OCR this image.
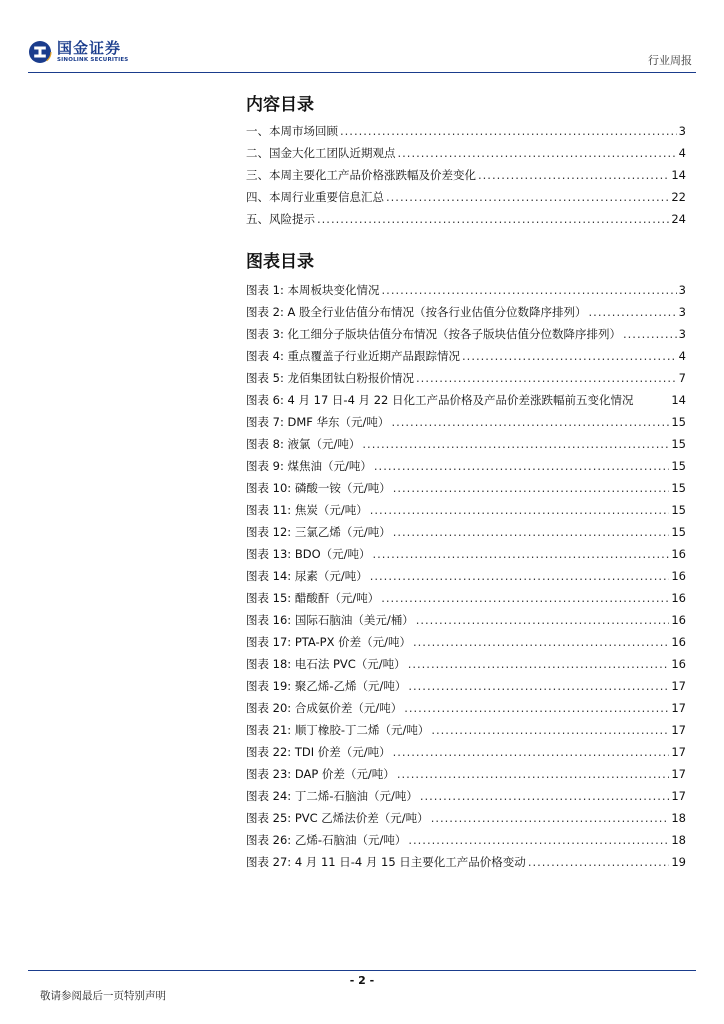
国金证券
SINOLINK SECURITIES	行业周报
内容目录
一、本周市场回顾 .....	3
二、国金大化工团队近期观点 .....	4
三、本周主要化工产品价格涨跌幅及价差变化 .....	14
四、本周行业重要信息汇总 .....	22
五、风险提示 .....	24
图表目录
图表 1: 本周板块变化情况 .....	3
图表 2: A 股全行业估值分布情况（按各行业估值分位数降序排列） .....	3
图表 3: 化工细分子版块估值分布情况（按各子版块估值分位数降序排列） .....	3
图表 4: 重点覆盖子行业近期产品跟踪情况 .....	4
图表 5: 龙佰集团钛白粉报价情况 .....	7
图表 6: 4 月 17 日-4 月 22 日化工产品价格及产品价差涨跌幅前五变化情况	14
图表 7: DMF 华东（元/吨） .....	15
图表 8: 液氯（元/吨） .....	15
图表 9: 煤焦油（元/吨） .....	15
图表 10: 磷酸一铵（元/吨） .....	15
图表 11: 焦炭（元/吨） .....	15
图表 12: 三氯乙烯（元/吨） .....	15
图表 13: BDO（元/吨） .....	16
图表 14: 尿素（元/吨） .....	16
图表 15: 醋酸酐（元/吨） .....	16
图表 16: 国际石脑油（美元/桶） .....	16
图表 17: PTA-PX 价差（元/吨） .....	16
图表 18: 电石法 PVC（元/吨） .....	16
图表 19: 聚乙烯-乙烯（元/吨） .....	17
图表 20: 合成氨价差（元/吨） .....	17
图表 21: 顺丁橡胶-丁二烯（元/吨） .....	17
图表 22: TDI 价差（元/吨） .....	17
图表 23: DAP 价差（元/吨） .....	17
图表 24: 丁二烯-石脑油（元/吨） .....	17
图表 25: PVC 乙烯法价差（元/吨） .....	18
图表 26: 乙烯-石脑油（元/吨） .....	18
图表 27: 4 月 11 日-4 月 15 日主要化工产品价格变动 .....	19
- 2 -
敬请参阅最后一页特别声明
